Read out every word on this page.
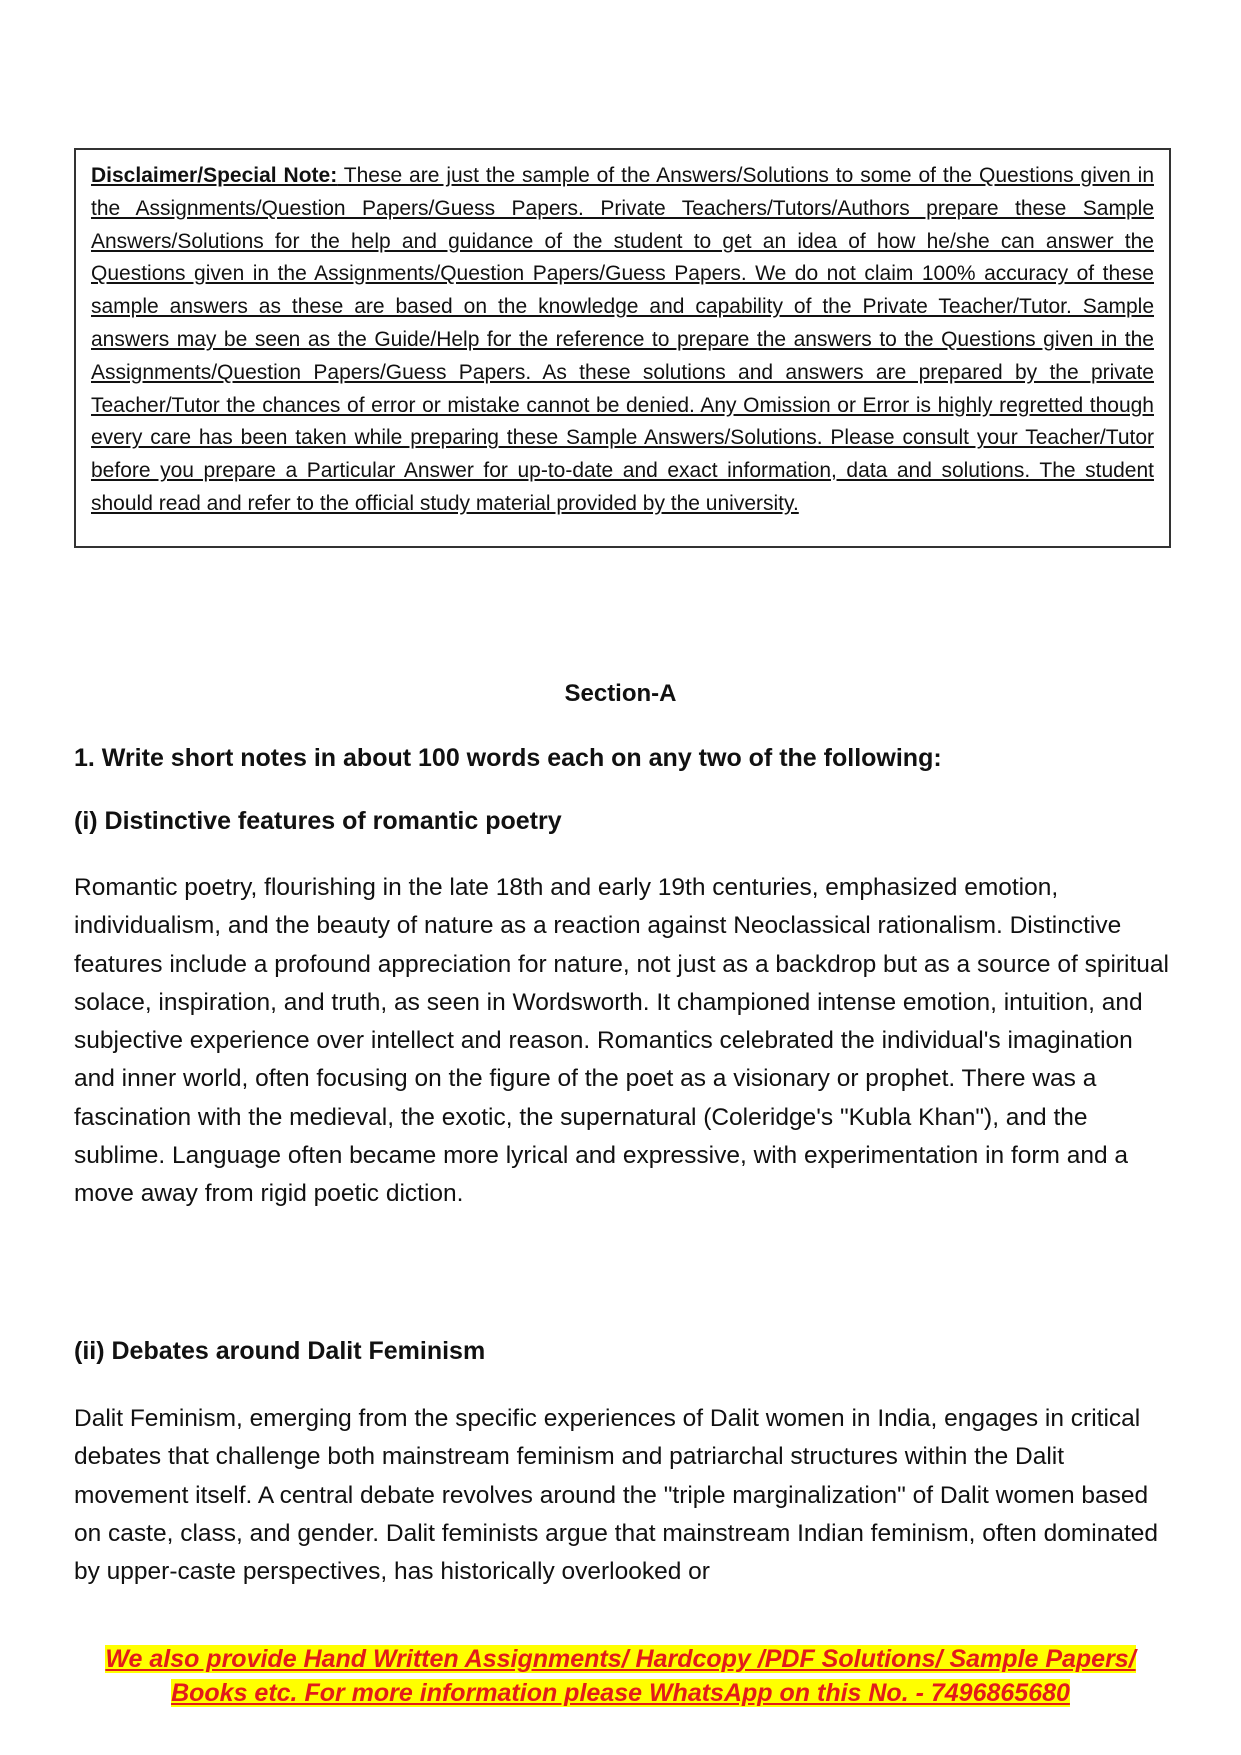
Disclaimer/Special Note: These are just the sample of the Answers/Solutions to some of the Questions given in the Assignments/Question Papers/Guess Papers. Private Teachers/Tutors/Authors prepare these Sample Answers/Solutions for the help and guidance of the student to get an idea of how he/she can answer the Questions given in the Assignments/Question Papers/Guess Papers. We do not claim 100% accuracy of these sample answers as these are based on the knowledge and capability of the Private Teacher/Tutor. Sample answers may be seen as the Guide/Help for the reference to prepare the answers to the Questions given in the Assignments/Question Papers/Guess Papers. As these solutions and answers are prepared by the private Teacher/Tutor the chances of error or mistake cannot be denied. Any Omission or Error is highly regretted though every care has been taken while preparing these Sample Answers/Solutions. Please consult your Teacher/Tutor before you prepare a Particular Answer for up-to-date and exact information, data and solutions. The student should read and refer to the official study material provided by the university.

Section-A

1. Write short notes in about 100 words each on any two of the following:

(i) Distinctive features of romantic poetry

Romantic poetry, flourishing in the late 18th and early 19th centuries, emphasized emotion, individualism, and the beauty of nature as a reaction against Neoclassical rationalism. Distinctive features include a profound appreciation for nature, not just as a backdrop but as a source of spiritual solace, inspiration, and truth, as seen in Wordsworth. It championed intense emotion, intuition, and subjective experience over intellect and reason. Romantics celebrated the individual's imagination and inner world, often focusing on the figure of the poet as a visionary or prophet. There was a fascination with the medieval, the exotic, the supernatural (Coleridge's "Kubla Khan"), and the sublime. Language often became more lyrical and expressive, with experimentation in form and a move away from rigid poetic diction.

(ii) Debates around Dalit Feminism

Dalit Feminism, emerging from the specific experiences of Dalit women in India, engages in critical debates that challenge both mainstream feminism and patriarchal structures within the Dalit movement itself. A central debate revolves around the "triple marginalization" of Dalit women based on caste, class, and gender. Dalit feminists argue that mainstream Indian feminism, often dominated by upper-caste perspectives, has historically overlooked or

We also provide Hand Written Assignments/ Hardcopy /PDF Solutions/ Sample Papers/
Books etc. For more information please WhatsApp on this No. - 7496865680
